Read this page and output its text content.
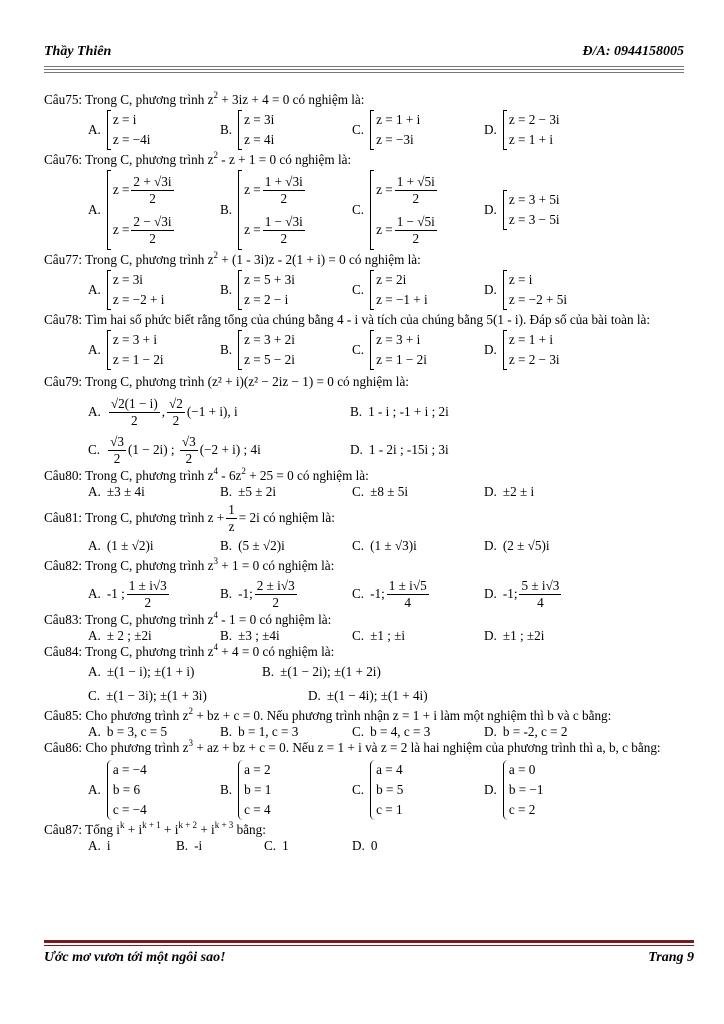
Thầy Thiên	Đ/A: 0944158005

Câu75: Trong C, phương trình $z^2 + 3iz + 4 = 0$ có nghiệm là:

A.
z = i
z = −4i
B.
z = 3i
z = 4i
C.
z = 1 + i
z = −3i
D.
z = 2 − 3i
z = 1 + i

Câu76: Trong C, phương trình $z^2 - z + 1 = 0$ có nghiệm là:

A.
$z = \frac{2 + √3i}{2}$
$z = \frac{2 - √3i}{2}$
B.
$z = \frac{1 + √3i}{2}$
$z = \frac{1 - √3i}{2}$
C.
$z = \frac{1 + √5i}{2}$
$z = \frac{1 - √5i}{2}$
D.
z = 3 + 5i
z = 3 − 5i

Câu77: Trong C, phương trình $z^2 + (1 - 3i)z - 2(1 + i) = 0$ có nghiệm là:

A.
z = 3i
z = −2 + i
B.
z = 5 + 3i
z = 2 − i
C.
z = 2i
z = −1 + i
D.
z = i
z = −2 + 5i

Câu78: Tìm hai số phức biết rằng tổng của chúng bằng 4 - i và tích của chúng bằng 5(1 - i). Đáp số của bài toàn là:

A.
z = 3 + i
z = 1 − 2i
B.
z = 3 + 2i
z = 5 − 2i
C.
z = 3 + i
z = 1 − 2i
D.
z = 1 + i
z = 2 − 3i

Câu79: Trong C, phương trình (z² + i)(z² − 2iz − 1) = 0 có nghiệm là:

A. $\frac{√2(1 - i)}{2}$ , $\frac{√2}{2} (-1 + i)$, i	B. 1 - i ; -1 + i ; 2i
C. $\frac{√3}{2} (1 - 2i)$ ;
$\frac{√3}{2} (-2 + i)$ ; 4i	D. 1 - 2i ; -15i ; 3i

Câu80: Trong C, phương trình $z^4 - 6z^2 + 25 = 0$ có nghiệm là:

A. ±3 ± 4i	B. ±5 ± 2i	C. ±8 ± 5i	D. ±2 ± i

Câu81: Trong C, phương trình $z + \frac{1}{z} = 2i$ có nghiệm là:

A. (1 ± √2)i	B. (5 ± √2)i	C. (1 ± √3)i	D. (2 ± √5)i

Câu82: Trong C, phương trình $z^3 + 1 = 0$ có nghiệm là:

A. -1 ; $\frac{1 \pm i√3}{2}$	B. -1; $\frac{2 \pm i√3}{2}$	C. -1; $\frac{1 \pm i√5}{4}$	D. -1; $\frac{5 \pm i√3}{4}$

Câu83: Trong C, phương trình $z^4 - 1 = 0$ có nghiệm là:

A. ± 2 ; ±2i	B. ±3 ; ±4i	C. ±1 ; ±i	D. ±1 ; ±2i

Câu84: Trong C, phương trình $z^4 + 4 = 0$ có nghiệm là:

A. ±(1 − i); ±(1 + i)	B. ±(1 − 2i); ±(1 + 2i)
C. ±(1 − 3i); ±(1 + 3i)	D. ±(1 − 4i); ±(1 + 4i)

Câu85: Cho phương trình $z^2$ + bz + c = 0. Nếu phương trình nhận z = 1 + i làm một nghiệm thì b và c bằng:

A. b = 3, c = 5	B. b = 1, c = 3	C. b = 4, c = 3	D. b = -2, c = 2

Câu86: Cho phương trình $z^3$ + az + bz + c = 0. Nếu z = 1 + i và z = 2 là hai nghiệm của phương trình thì a, b, c bằng:

A.
a = −4
b = 6
c = −4
B.
a = 2
b = 1
c = 4
C.
a = 4
b = 5
c = 1
D.
a = 0
b = −1
c = 2

Câu87: Tổng $i^k + i^{k + 1} + i^{k + 2} + i^{k + 3}$ bằng:

A. i	B. -i	C. 1	D. 0
Ước mơ vươn tới một ngôi sao!	Trang 9
